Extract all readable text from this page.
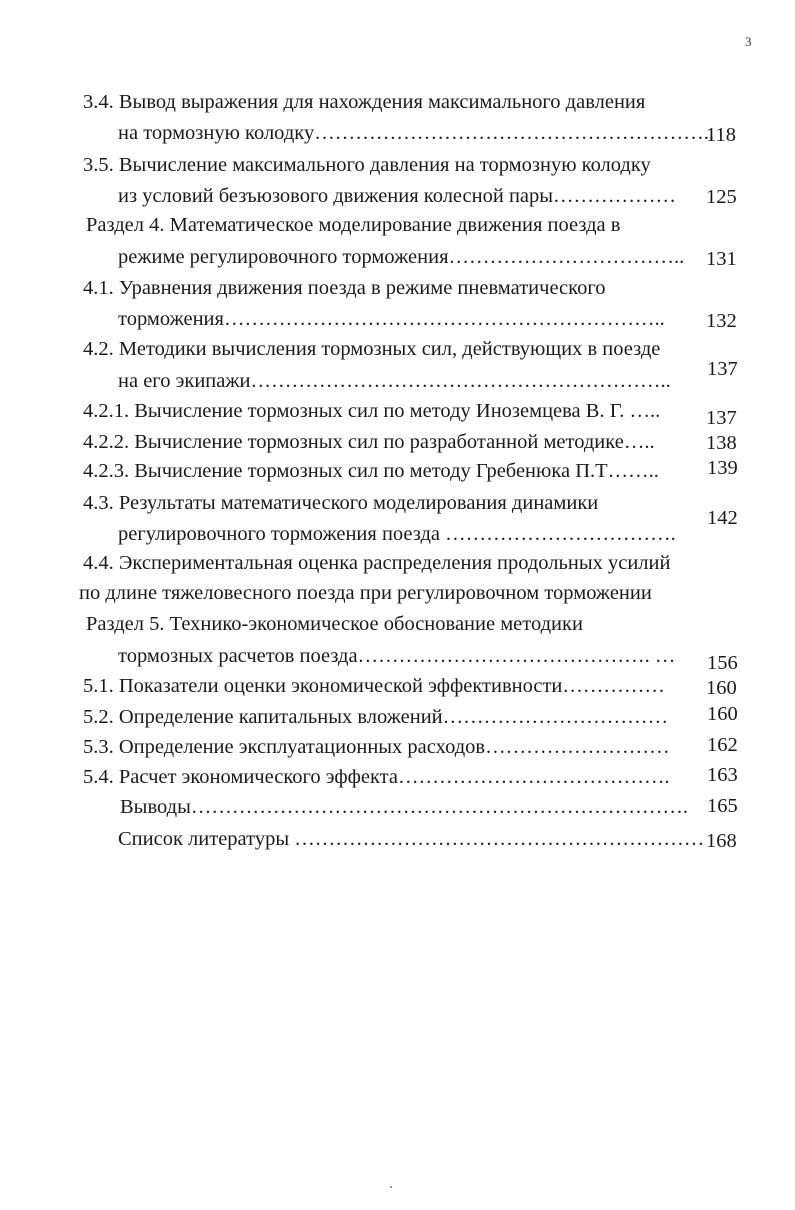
3
3.4. Вывод выражения для нахождения максимального давления
на тормозную колодку…………………………………………………..
118
3.5. Вычисление максимального давления на тормозную колодку
из условий безъюзового движения колесной пары……………… 125
Раздел 4. Математическое моделирование движения поезда в
режиме регулировочного торможения…………………………….. 131
4.1. Уравнения движения поезда в режиме пневматического
торможения……………………………………………………….. 132
4.2. Методики вычисления тормозных сил, действующих в поезде
на его экипажи……………………………………………………..
137
4.2.1. Вычисление тормозных сил по методу Иноземцева В. Г. ….. 137
4.2.2. Вычисление тормозных сил по разработанной методике…..	138
4.2.3. Вычисление тормозных сил по методу Гребенюка П.Т…….. 139
4.3. Результаты математического моделирования динамики
регулировочного торможения поезда …………………………….
142
4.4. Экспериментальная оценка распределения продольных усилий
по длине тяжеловесного поезда при регулировочном торможении
Раздел 5. Технико-экономическое обоснование методики
тормозных расчетов поезда……………………………………. … 156
5.1. Показатели оценки экономической эффективности…………… 160
5.2. Определение капитальных вложений…………………………… 160
5.3. Определение эксплуатационных расходов……………………… 162
5.4. Расчет экономического эффекта…………………………………. 163
Выводы………………………………………………………………. 165
Список литературы …………………………………………………… 168
